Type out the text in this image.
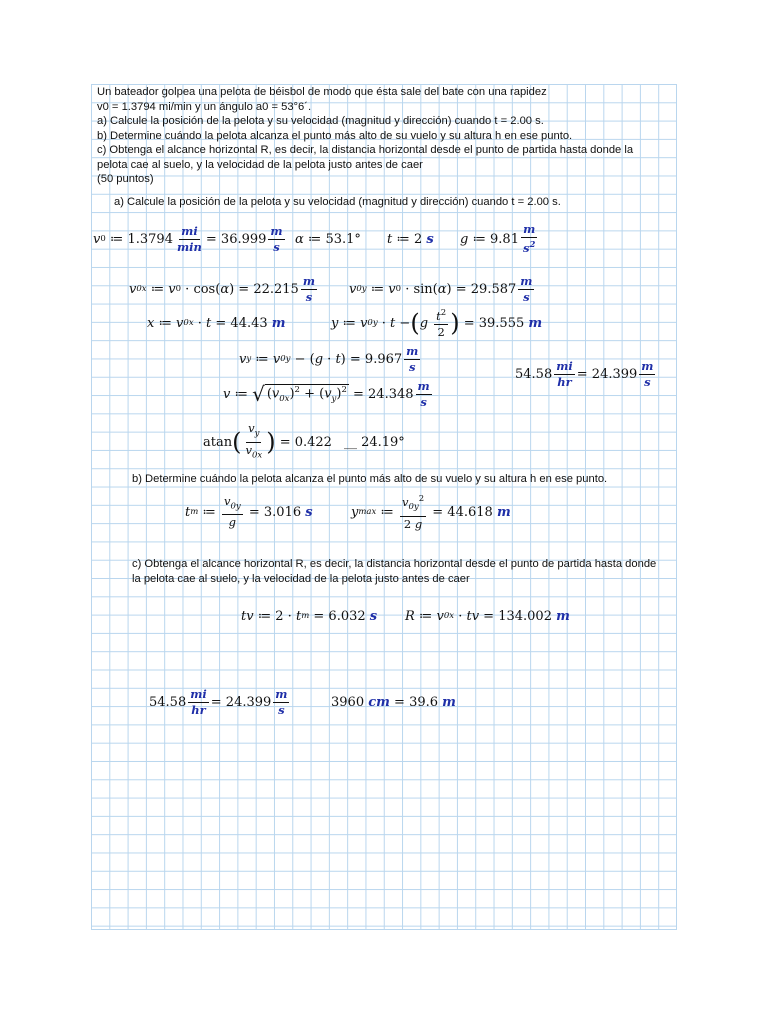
Un bateador golpea una pelota de béisbol de modo que ésta sale del bate con una rapidez
v0 = 1.3794 mi/min y un ángulo a0 = 53°6´.
a) Calcule la posición de la pelota y su velocidad (magnitud y dirección) cuando t = 2.00 s.
b) Determine cuándo la pelota alcanza el punto más alto de su vuelo y su altura h en ese punto.
c) Obtenga el alcance horizontal R, es decir, la distancia horizontal desde el punto de partida hasta donde la
pelota cae al suelo, y la velocidad de la pelota justo antes de caer
(50 puntos)
a) Calcule la posición de la pelota y su velocidad (magnitud y dirección) cuando t = 2.00 s.
v 0 ≔ 1.3794
mi
min = 36.999
m
s α ≔ 53.1° t ≔ 2
s g ≔ 9.81
m
$s^2$
v 0x ≔ v 0 · cos ( α ) = 22.215
m
s	v 0y ≔ v 0 · sin ( α ) = 29.587
m
s
x ≔ v 0x · t = 44.43
m	y ≔ v 0y · t − ( g
$t^2$
2 ) = 39.555
m
v y ≔ v 0y − ( g · t ) = 9.967
m
s
v ≔ √ $(v_{0x})^2 + (v_y)^2 = 24.348$
m
s
54.58
mi
hr = 24.399
m
s
atan ( $v_y$
$v_{0x}$ ) = 0.422 __
24.19°
b) Determine cuándo la pelota alcanza el punto más alto de su vuelo y su altura h en ese punto.
t m ≔
$v_{0y}$
g
= 3.016
s	y max ≔
$v_{0y}^2$
2 g
= 44.618
m
c) Obtenga el alcance horizontal R, es decir, la distancia horizontal desde el punto de partida hasta donde
la pelota cae al suelo, y la velocidad de la pelota justo antes de caer
tv ≔ 2 · t m = 6.032
s R ≔ v 0x · tv = 134.002
m
54.58
mi
hr = 24.399
m
s	3960
cm = 39.6
m
